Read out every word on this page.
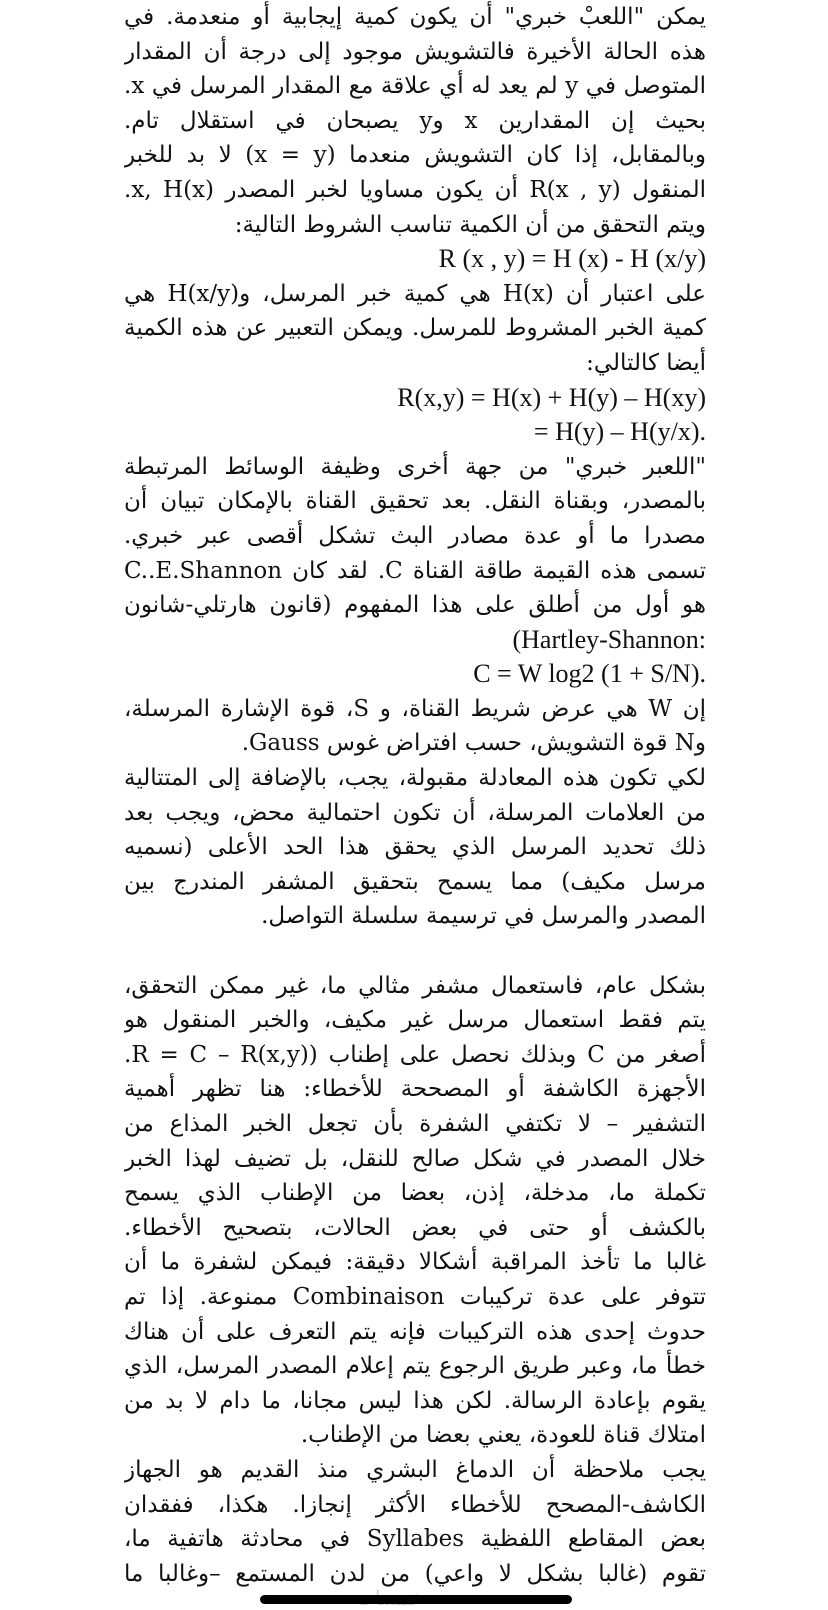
يمكن "اللعبْ خبري" أن يكون كمية إيجابية أو منعدمة. في
هذه الحالة الأخيرة فالتشويش موجود إلى درجة أن المقدار
المتوصل في y لم يعد له أي علاقة مع المقدار المرسل في x.
بحيث إن المقدارين x وy يصبحان في استقلال تام.
وبالمقابل، إذا كان التشويش منعدما (x = y) لا بد للخبر
المنقول R(x , y) أن يكون مساويا لخبر المصدر x, H(x).
ويتم التحقق من أن الكمية تناسب الشروط التالية:
R (x , y) = H (x) - H (x/y)
على اعتبار أن H(x) هي كمية خبر المرسل، وH(x/y) هي
كمية الخبر المشروط للمرسل. ويمكن التعبير عن هذه الكمية
أيضا كالتالي:
R(x,y) = H(x) + H(y) – H(xy)
= H(y) – H(y/x).
"اللعبر خبري" من جهة أخرى وظيفة الوسائط المرتبطة
بالمصدر، وبقناة النقل. بعد تحقيق القناة بالإمكان تبيان أن
مصدرا ما أو عدة مصادر البث تشكل أقصى عبر خبري.
تسمى هذه القيمة طاقة القناة C. لقد كان C..E.Shannon
هو أول من أطلق على هذا المفهوم (قانون هارتلي-شانون
(Hartley-Shannon:
C = W log2 (1 + S/N).
إن W هي عرض شريط القناة، و S، قوة الإشارة المرسلة،
وN قوة التشويش، حسب افتراض غوس Gauss.
لكي تكون هذه المعادلة مقبولة، يجب، بالإضافة إلى المتتالية
من العلامات المرسلة، أن تكون احتمالية محض، ويجب بعد
ذلك تحديد المرسل الذي يحقق هذا الحد الأعلى (نسميه
مرسل مكيف) مما يسمح بتحقيق المشفر المندرج بين
المصدر والمرسل في ترسيمة سلسلة التواصل.
بشكل عام، فاستعمال مشفر مثالي ما، غير ممكن التحقق،
يتم فقط استعمال مرسل غير مكيف، والخبر المنقول هو
أصغر من C وبذلك نحصل على إطناب ((R = C – R(x,y.
الأجهزة الكاشفة أو المصححة للأخطاء: هنا تظهر أهمية
التشفير – لا تكتفي الشفرة بأن تجعل الخبر المذاع من
خلال المصدر في شكل صالح للنقل، بل تضيف لهذا الخبر
تكملة ما، مدخلة، إذن، بعضا من الإطناب الذي يسمح
بالكشف أو حتى في بعض الحالات، بتصحيح الأخطاء.
غالبا ما تأخذ المراقبة أشكالا دقيقة: فيمكن لشفرة ما أن
تتوفر على عدة تركيبات Combinaison ممنوعة. إذا تم
حدوث إحدى هذه التركيبات فإنه يتم التعرف على أن هناك
خطأ ما، وعبر طريق الرجوع يتم إعلام المصدر المرسل، الذي
يقوم بإعادة الرسالة. لكن هذا ليس مجانا، ما دام لا بد من
امتلاك قناة للعودة، يعني بعضا من الإطناب.
يجب ملاحظة أن الدماغ البشري منذ القديم هو الجهاز
الكاشف-المصحح للأخطاء الأكثر إنجازا. هكذا، ففقدان
بعض المقاطع اللفظية Syllabes في محادثة هاتفية ما،
تقوم (غالبا بشكل لا واعي) من لدن المستمع –وغالبا ما
